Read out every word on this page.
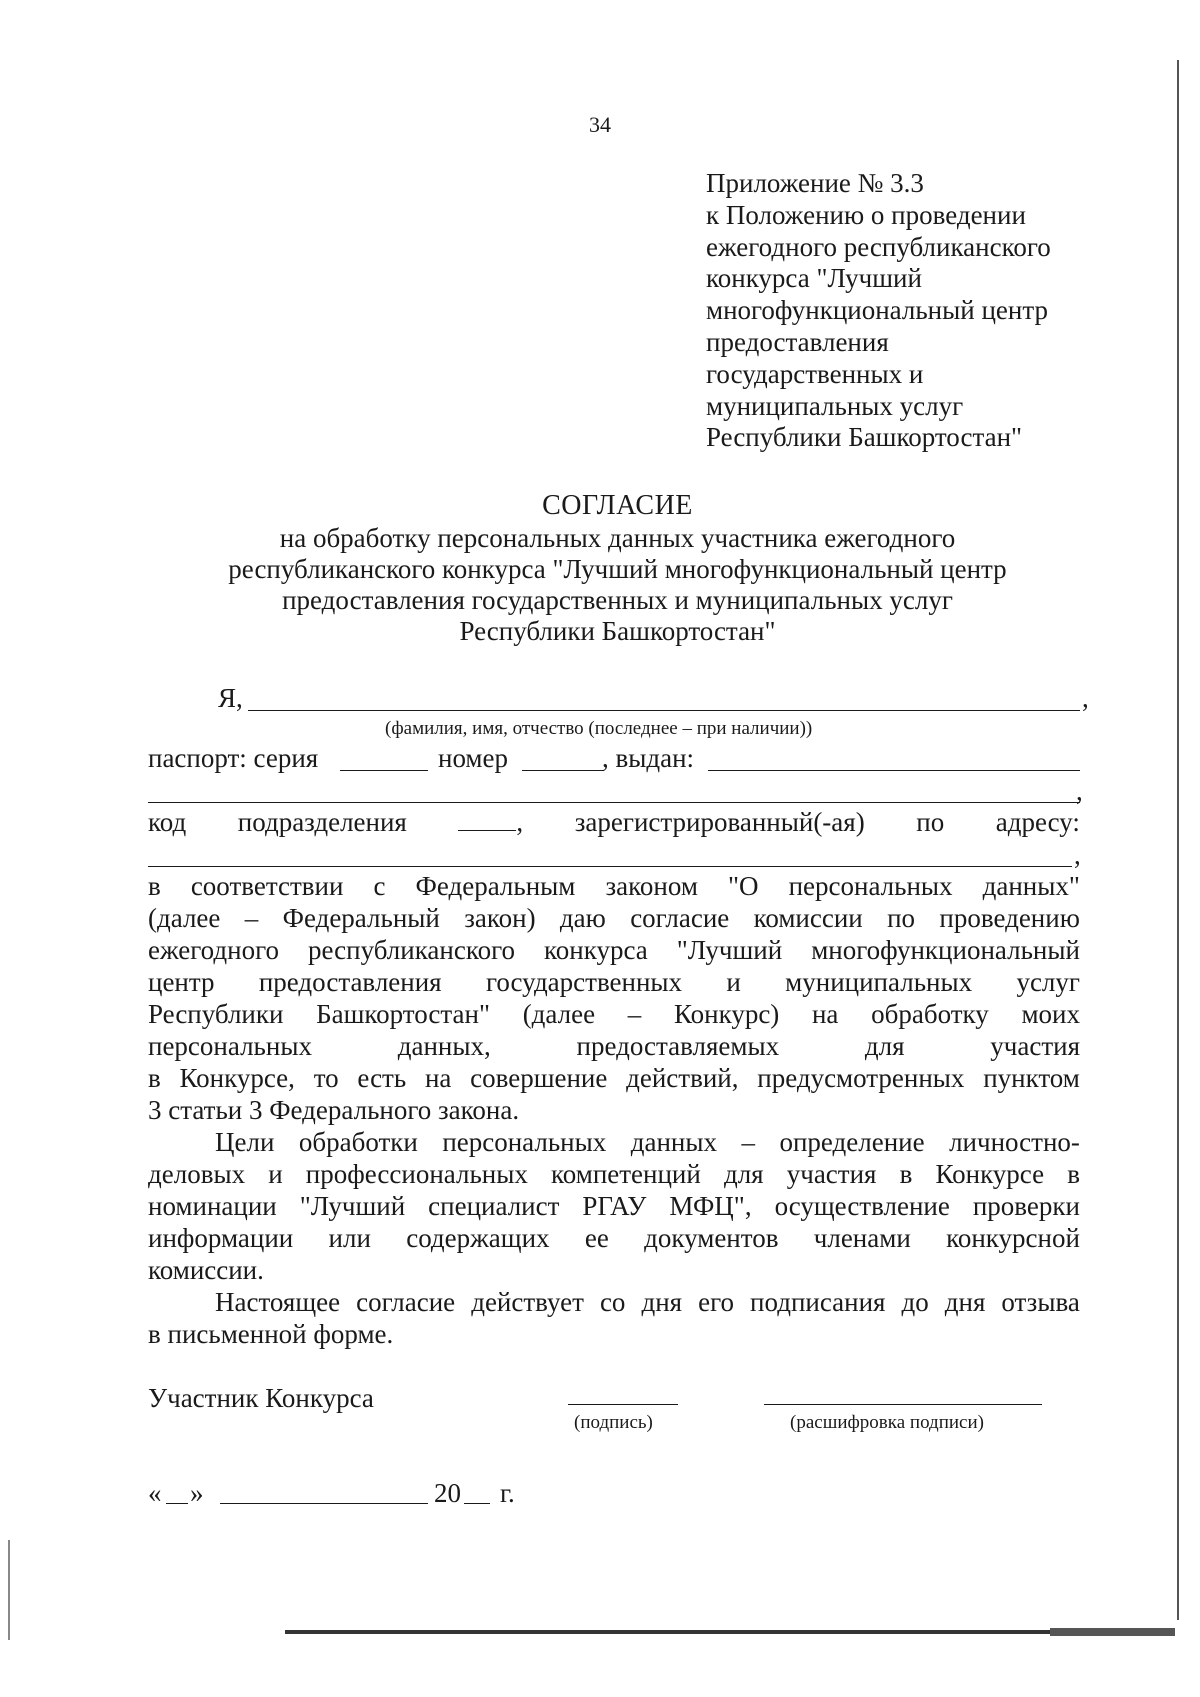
34
Приложение № 3.3
к Положению о проведении
ежегодного республиканского
конкурса "Лучший
многофункциональный центр
предоставления
государственных и
муниципальных услуг
Республики Башкортостан"
СОГЛАСИЕ
на обработку персональных данных участника ежегодного
республиканского конкурса "Лучший многофункциональный центр
предоставления государственных и муниципальных услуг
Республики Башкортостан"
Я,	,
(фамилия, имя, отчество (последнее – при наличии))
паспорт: серия	номер	, выдан:
,
код подразделения	, зарегистрированный(-ая) по адресу:
,
в соответствии с Федеральным законом "О персональных данных"
(далее – Федеральный закон) даю согласие комиссии по проведению
ежегодного республиканского конкурса "Лучший многофункциональный
центр предоставления государственных и муниципальных услуг
Республики Башкортостан" (далее – Конкурс) на обработку моих
персональных	данных,	предоставляемых	для	участия
в Конкурсе, то есть на совершение действий, предусмотренных пунктом
3 статьи 3 Федерального закона.
Цели обработки персональных данных – определение личностно-
деловых и профессиональных компетенций для участия в Конкурсе в
номинации "Лучший специалист РГАУ МФЦ", осуществление проверки
информации или содержащих ее документов членами конкурсной
комиссии.
Настоящее согласие действует со дня его подписания до дня отзыва
в письменной форме.
Участник Конкурса
(подпись)	(расшифровка подписи)
« »	20 г.
